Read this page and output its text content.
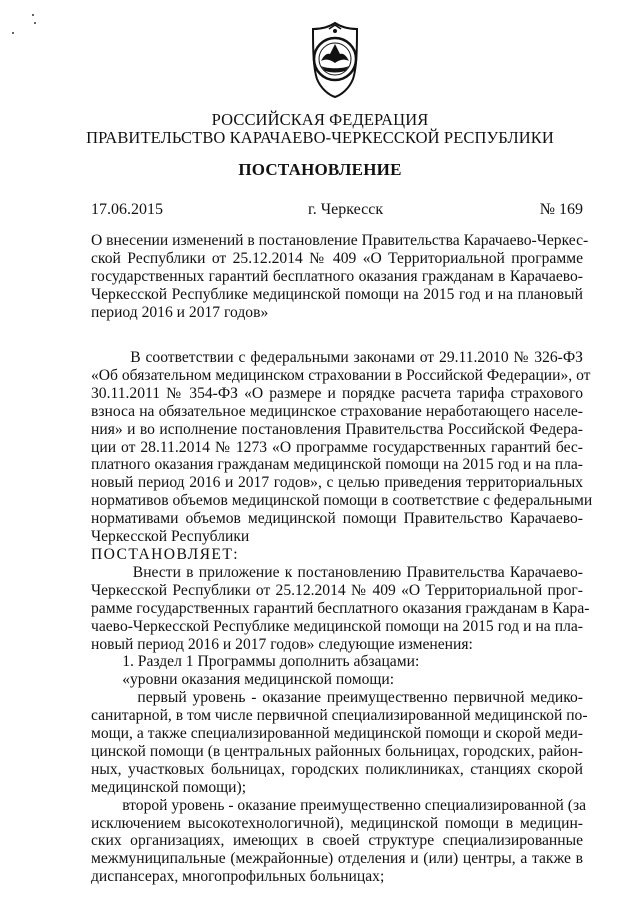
РОССИЙСКАЯ ФЕДЕРАЦИЯ
ПРАВИТЕЛЬСТВО КАРАЧАЕВО-ЧЕРКЕССКОЙ РЕСПУБЛИКИ
ПОСТАНОВЛЕНИЕ
17.06.2015	г. Черкесск	№ 169
О внесении изменений в постановление Правительства Карачаево-Черкес-
ской Республики от 25.12.2014 № 409 «О Территориальной программе
государственных гарантий бесплатного оказания гражданам в Карачаево-
Черкесской Республике медицинской помощи на 2015 год и на плановый
период 2016 и 2017 годов»
В соответствии с федеральными законами от 29.11.2010 № 326-ФЗ
«Об обязательном медицинском страховании в Российской Федерации», от
30.11.2011 № 354-ФЗ «О размере и порядке расчета тарифа страхового
взноса на обязательное медицинское страхование неработающего населе-
ния» и во исполнение постановления Правительства Российской Федера-
ции от 28.11.2014 № 1273 «О программе государственных гарантий бес-
платного оказания гражданам медицинской помощи на 2015 год и на пла-
новый период 2016 и 2017 годов», с целью приведения территориальных
нормативов объемов медицинской помощи в соответствие с федеральными
нормативами объемов медицинской помощи Правительство Карачаево-
Черкесской Республики
ПОСТАНОВЛЯЕТ:
Внести в приложение к постановлению Правительства Карачаево-
Черкесской Республики от 25.12.2014 № 409 «О Территориальной прог-
рамме государственных гарантий бесплатного оказания гражданам в Кара-
чаево-Черкесской Республике медицинской помощи на 2015 год и на пла-
новый период 2016 и 2017 годов» следующие изменения:
1. Раздел 1 Программы дополнить абзацами:
«уровни оказания медицинской помощи:
первый уровень - оказание преимущественно первичной медико-
санитарной, в том числе первичной специализированной медицинской по-
мощи, а также специализированной медицинской помощи и скорой меди-
цинской помощи (в центральных районных больницах, городских, район-
ных, участковых больницах, городских поликлиниках, станциях скорой
медицинской помощи);
второй уровень - оказание преимущественно специализированной (за
исключением высокотехнологичной), медицинской помощи в медицин-
ских организациях, имеющих в своей структуре специализированные
межмуниципальные (межрайонные) отделения и (или) центры, а также в
диспансерах, многопрофильных больницах;
